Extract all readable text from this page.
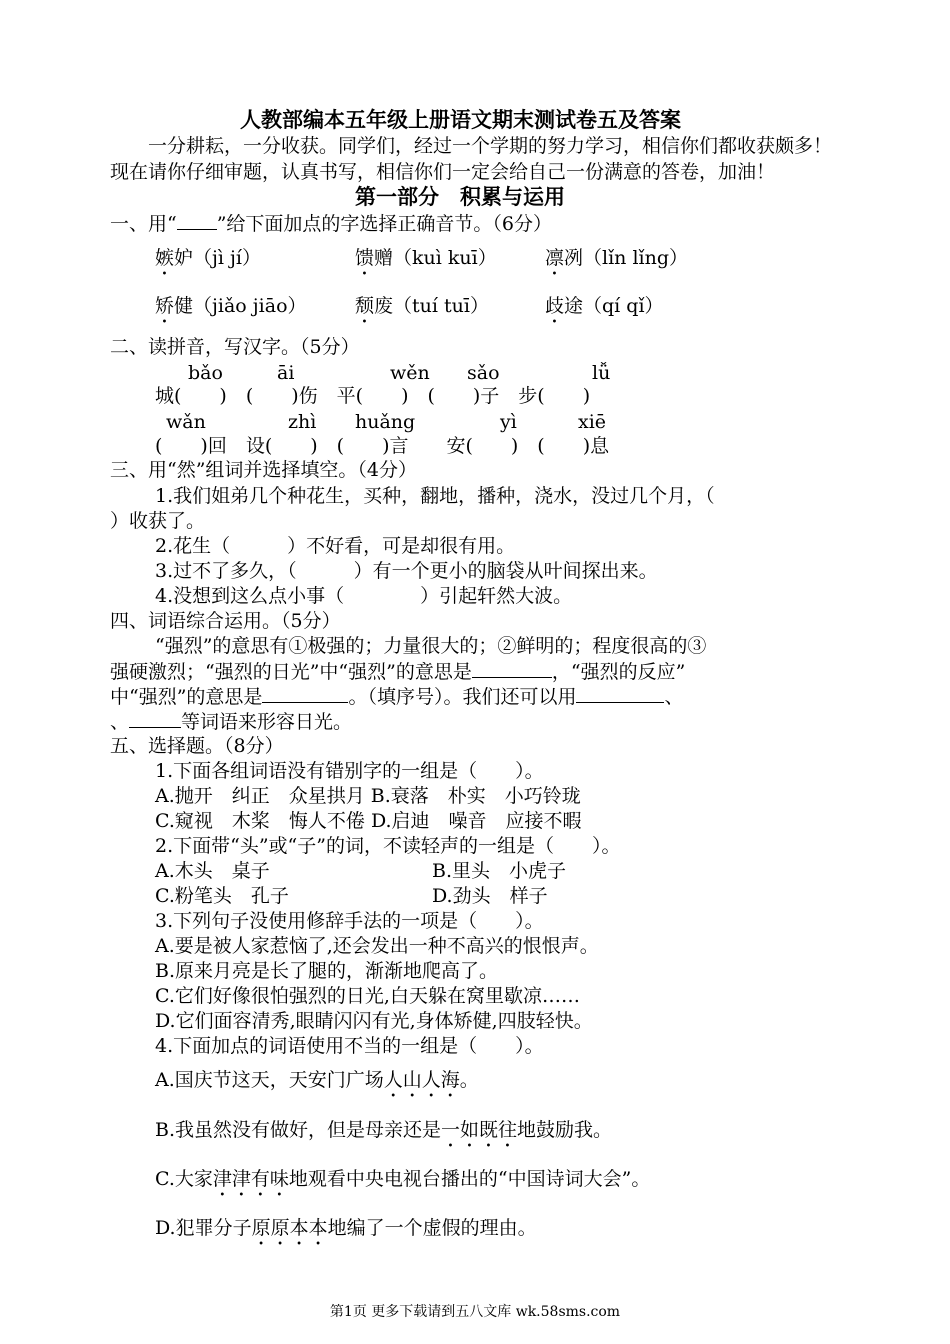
人教部编本五年级上册语文期末测试卷五及答案
一分耕耘，一分收获。同学们，经过一个学期的努力学习，相信你们都收获颇多！
现在请你仔细审题，认真书写，相信你们一定会给自己一份满意的答卷，加油！
第一部分　积累与运用
一、用“ ”给下面加点的字选择正确音节。（6分）
嫉妒（jì jí）	馈赠（kuì kuī）	凛冽（lǐn lǐng）
矫健（jiǎo jiāo）	颓废（tuí tuī）	歧途（qí qǐ）
二、读拼音，写汉字。（5分）
bǎo	āi	wěn sǎo	lǚ
城(　　)　(　　)伤　平(　　)　(　　)子　步(　　)
wǎn	zhì huǎng	yì	xiē
(　　)回　设(　　)　(　　)言　　安(　　)　(　　)息
三、用“然”组词并选择填空。（4分）
1.我们姐弟几个种花生，买种，翻地，播种，浇水，没过几个月，（
）收获了。
2.花生（　　　）不好看，可是却很有用。
3.过不了多久，（　　　）有一个更小的脑袋从叶间探出来。
4.没想到这么点小事（　　　　）引起轩然大波。
四、词语综合运用。（5分）
“强烈”的意思有①极强的；力量很大的；②鲜明的；程度很高的③
强硬激烈；“强烈的日光”中“强烈”的意思是	，“强烈的反应”
中“强烈”的意思是	。（填序号）。我们还可以用	、
、	等词语来形容日光。
五、选择题。（8分）
1.下面各组词语没有错别字的一组是（　　）。
A.抛开　纠正　众星拱月 B.衰落　朴实　小巧铃珑
C.窥视　木桨　悔人不倦 D.启迪　噪音　应接不暇
2.下面带“头”或“子”的词，不读轻声的一组是（　　）。
A.木头　桌子	B.里头　小虎子
C.粉笔头　孔子	D.劲头　样子
3.下列句子没使用修辞手法的一项是（　　）。
A.要是被人家惹恼了,还会发出一种不高兴的恨恨声。
B.原来月亮是长了腿的，渐渐地爬高了。
C.它们好像很怕强烈的日光,白天躲在窝里歇凉……
D.它们面容清秀,眼睛闪闪有光,身体矫健,四肢轻快。
4.下面加点的词语使用不当的一组是（　　）。
A.国庆节这天，天安门广场人山人海。
B.我虽然没有做好，但是母亲还是一如既往地鼓励我。
C.大家津津有味地观看中央电视台播出的“中国诗词大会”。
D.犯罪分子原原本本地编了一个虚假的理由。
第1页 更多下载请到五八文库 wk.58sms.com
